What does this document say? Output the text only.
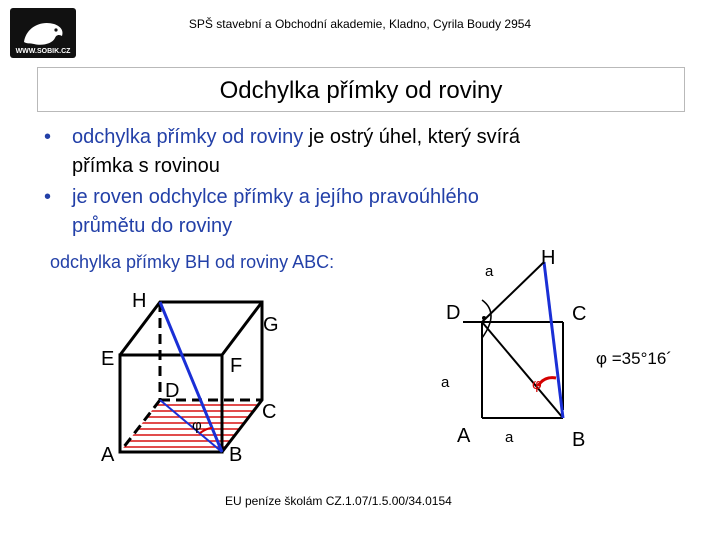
WWW.SOBIK.CZ
SPŠ stavební a Obchodní akademie, Kladno, Cyrila Boudy 2954
Odchylka přímky od roviny
• odchylka přímky od roviny je ostrý úhel, který svírá
přímka s rovinou
• je roven odchylce přímky a jejího pravoúhlého
průmětu do roviny
odchylka přímky BH od roviny ABC:
H
G
E	F
D
C
A	B
φ
H
a
D	C
a	φ
A a	B
φ =35°16´
EU peníze školám CZ.1.07/1.5.00/34.0154
